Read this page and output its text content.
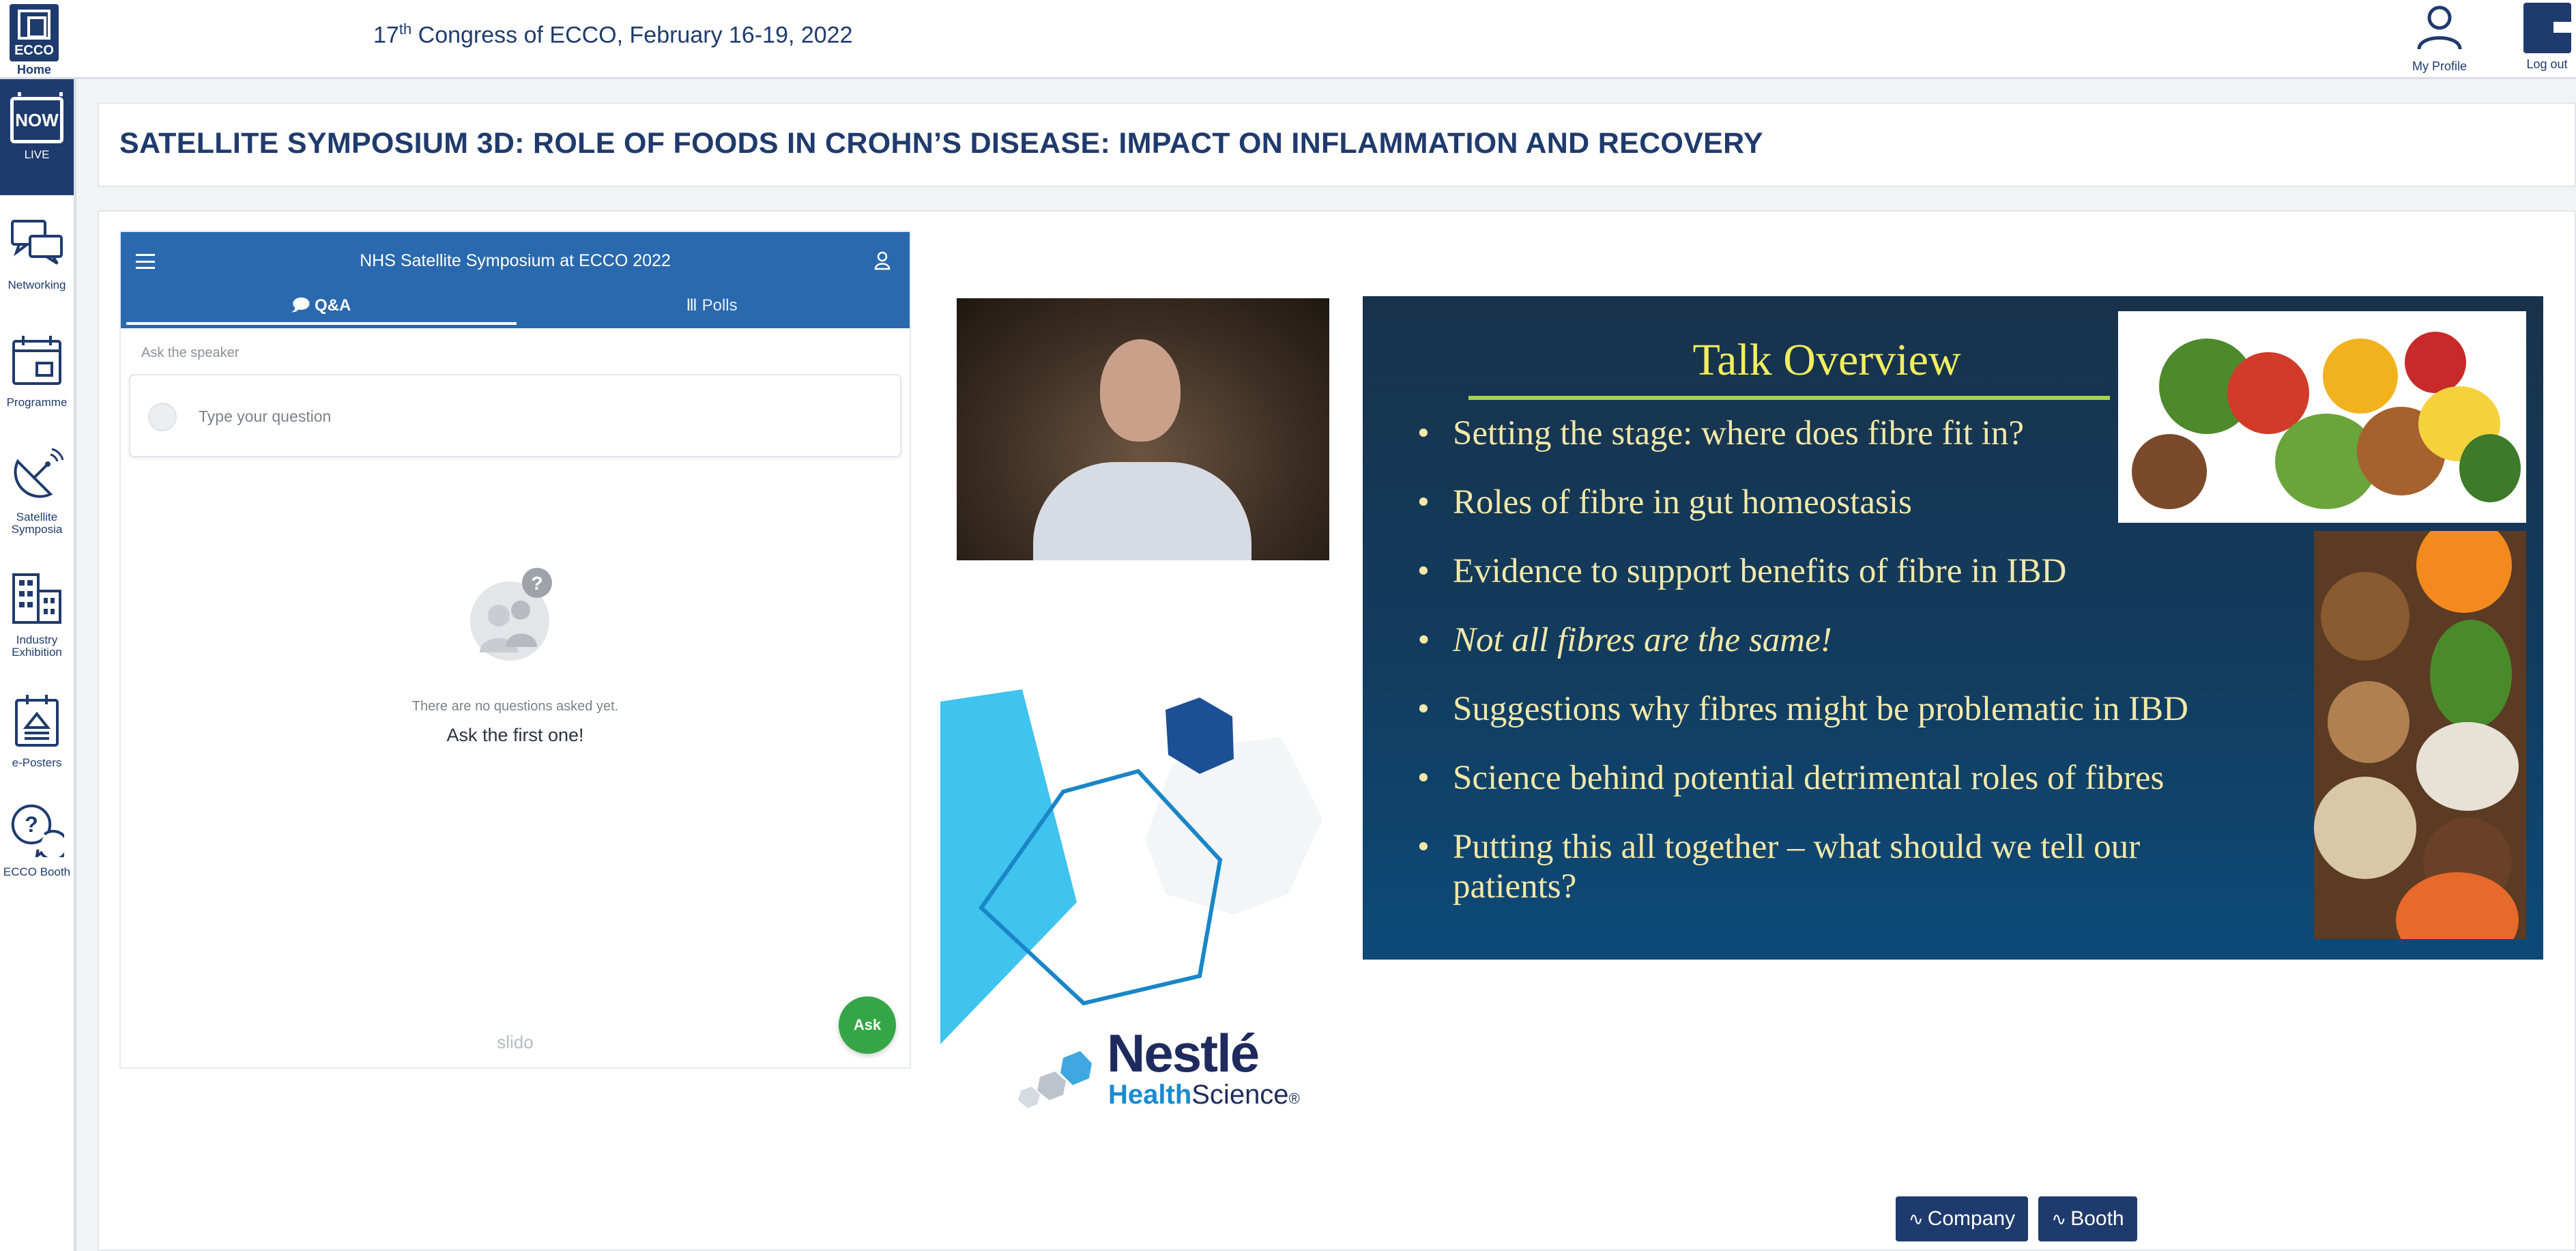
ECCO
Home
17th Congress of ECCO, February 16-19, 2022
My Profile	Log out
NOW
LIVE
Networking
Programme
Satellite Symposia
Industry Exhibition
e-Posters
?
ECCO Booth
SATELLITE SYMPOSIUM 3D: ROLE OF FOODS IN CROHN’S DISEASE: IMPACT ON INFLAMMATION AND RECOVERY
NHS Satellite Symposium at ECCO 2022
🗩 Q&A	Ⅲ Polls
Ask the speaker
Type your question
?
There are no questions asked yet.
Ask the first one!
slido
Ask	Nestlé
HealthScience®
Talk Overview
• Setting the stage: where does fibre fit in?
• Roles of fibre in gut homeostasis
• Evidence to support benefits of fibre in IBD
• Not all fibres are the same!
• Suggestions why fibres might be problematic in IBD
• Science behind potential detrimental roles of fibres
• Putting this all together – what should we tell our patients?
∿ Company	∿ Booth
